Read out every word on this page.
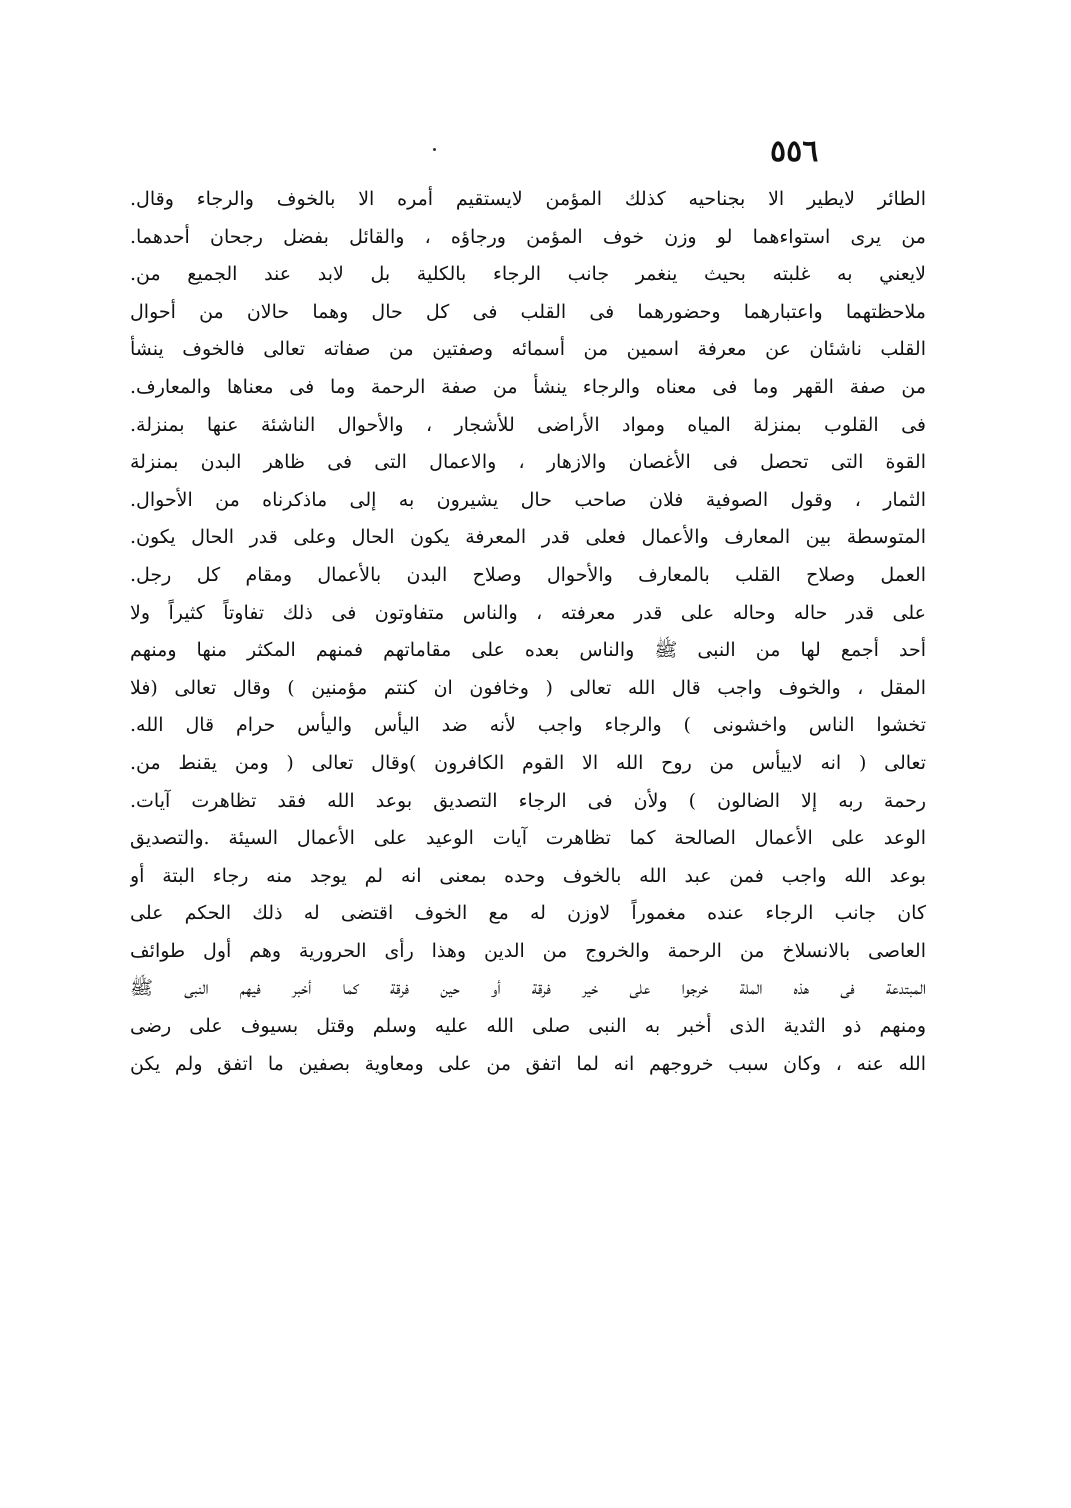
٥٥٦
الطائر لايطير الا بجناحيه كذلك المؤمن لايستقيم أمره الا بالخوف والرجاء وقال.
من يرى استواءهما لو وزن خوف المؤمن ورجاؤه ، والقائل بفضل رجحان أحدهما.
لايعني به غلبته بحيث ينغمر جانب الرجاء بالكلية بل لابد عند الجميع من.
ملاحظتهما واعتبارهما وحضورهما فى القلب فى كل حال وهما حالان من أحوال
القلب ناشئان عن معرفة اسمين من أسمائه وصفتين من صفاته تعالى فالخوف ينشأ
من صفة القهر وما فى معناه والرجاء ينشأ من صفة الرحمة وما فى معناها والمعارف.
فى القلوب بمنزلة المياه ومواد الأراضى للأشجار ، والأحوال الناشئة عنها بمنزلة.
القوة التى تحصل فى الأغصان والازهار ، والاعمال التى فى ظاهر البدن بمنزلة
الثمار ، وقول الصوفية فلان صاحب حال يشيرون به إلى ماذكرناه من الأحوال.
المتوسطة بين المعارف والأعمال فعلى قدر المعرفة يكون الحال وعلى قدر الحال يكون.
العمل وصلاح القلب بالمعارف والأحوال وصلاح البدن بالأعمال ومقام كل رجل.
على قدر حاله وحاله على قدر معرفته ، والناس متفاوتون فى ذلك تفاوتاً كثيراً ولا
أحد أجمع لها من النبى ﷺ والناس بعده على مقاماتهم فمنهم المكثر منها ومنهم
المقل ، والخوف واجب قال الله تعالى ( وخافون ان كنتم مؤمنين ) وقال تعالى (فلا
تخشوا الناس واخشونى ) والرجاء واجب لأنه ضد اليأس واليأس حرام قال الله.
تعالى ( انه لاييأس من روح الله الا القوم الكافرون )وقال تعالى ( ومن يقنط من.
رحمة ربه إلا الضالون ) ولأن فى الرجاء التصديق بوعد الله فقد تظاهرت آيات.
الوعد على الأعمال الصالحة كما تظاهرت آيات الوعيد على الأعمال السيئة .والتصديق
بوعد الله واجب فمن عبد الله بالخوف وحده بمعنى انه لم يوجد منه رجاء البتة أو
كان جانب الرجاء عنده مغموراً لاوزن له مع الخوف اقتضى له ذلك الحكم على
العاصى بالانسلاخ من الرحمة والخروج من الدين وهذا رأى الحرورية وهم أول طوائف
المبتدعة فى هذه الملة خرجوا على خير فرقة أو حين فرقة كما أخبر فيهم النبى ﷺ
ومنهم ذو الثدية الذى أخبر به النبى صلى الله عليه وسلم وقتل بسيوف على رضى
الله عنه ، وكان سبب خروجهم انه لما اتفق من على ومعاوية بصفين ما اتفق ولم يكن
